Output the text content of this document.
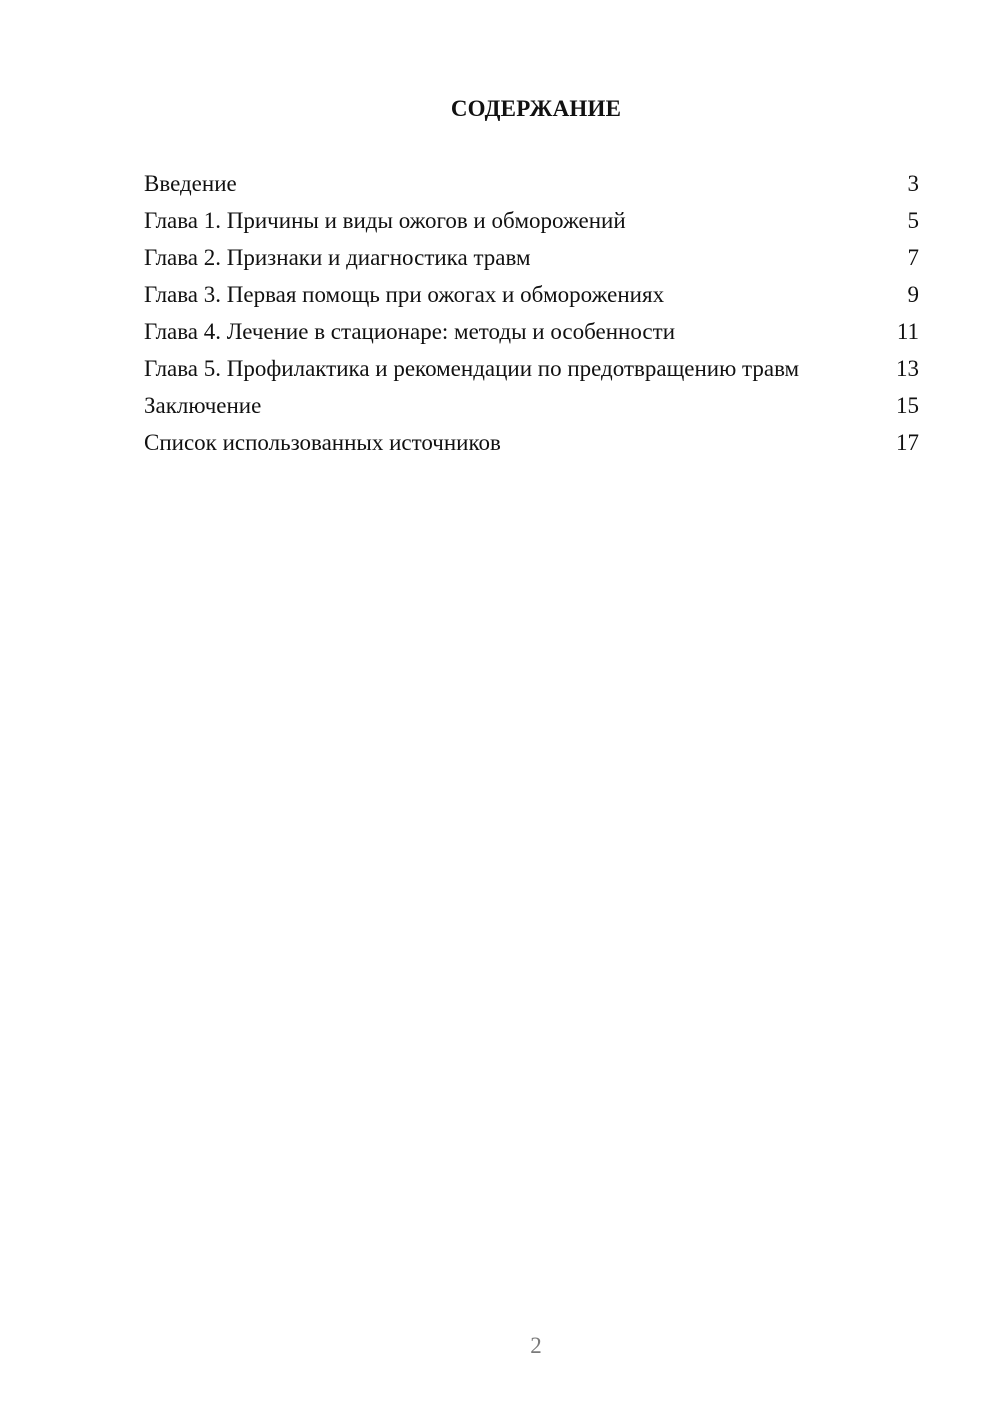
СОДЕРЖАНИЕ
Введение	3
Глава 1. Причины и виды ожогов и обморожений	5
Глава 2. Признаки и диагностика травм	7
Глава 3. Первая помощь при ожогах и обморожениях	9
Глава 4. Лечение в стационаре: методы и особенности	11
Глава 5. Профилактика и рекомендации по предотвращению травм	13
Заключение	15
Список использованных источников	17
2
